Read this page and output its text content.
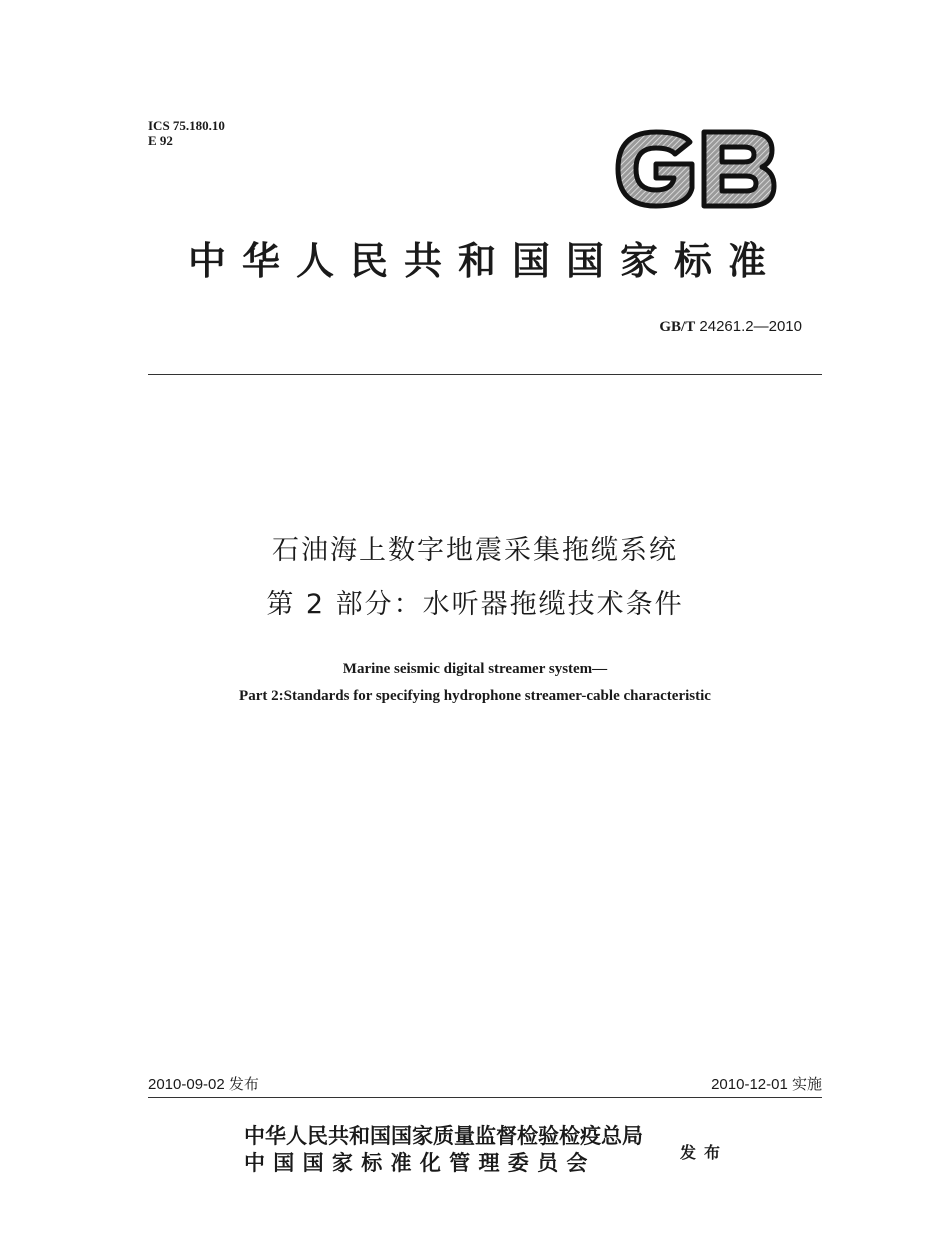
ICS 75.180.10
E 92
中华人民共和国国家标准
GB/T 24261.2—2010
石油海上数字地震采集拖缆系统
第 2 部分：水听器拖缆技术条件
Marine seismic digital streamer system—
Part 2:Standards for specifying hydrophone streamer-cable characteristic
2010-09-02 发布	2010-12-01 实施
中华人民共和国国家质量监督检验检疫总局
中 国 国 家 标 准 化 管 理 委 员 会	发布
